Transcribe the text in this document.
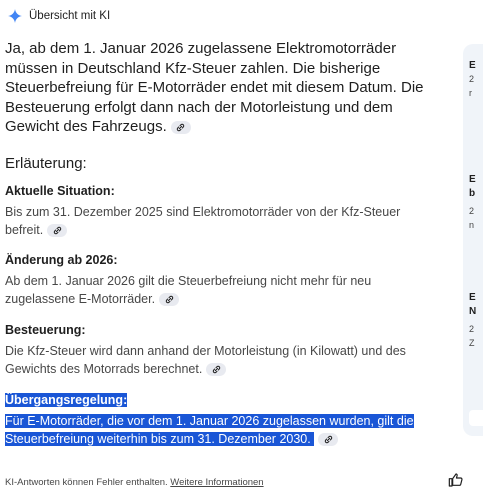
Übersicht mit KI
Ja, ab dem 1. Januar 2026 zugelassene Elektromotorräder müssen in Deutschland Kfz-Steuer zahlen. Die bisherige Steuerbefreiung für E-Motorräder endet mit diesem Datum. Die Besteuerung erfolgt dann nach der Motorleistung und dem Gewicht des Fahrzeugs.
Erläuterung:
Aktuelle Situation:
Bis zum 31. Dezember 2025 sind Elektromotorräder von der Kfz-Steuer befreit.
Änderung ab 2026:
Ab dem 1. Januar 2026 gilt die Steuerbefreiung nicht mehr für neu zugelassene E-Motorräder.
Besteuerung:
Die Kfz-Steuer wird dann anhand der Motorleistung (in Kilowatt) und des Gewichts des Motorrads berechnet.
Übergangsregelung:
Für E-Motorräder, die vor dem 1. Januar 2026 zugelassen wurden, gilt die Steuerbefreiung weiterhin bis zum 31. Dezember 2030.
KI-Antworten können Fehler enthalten. Weitere Informationen
E
2
r
E
b
2
n
E
N
2
Z
